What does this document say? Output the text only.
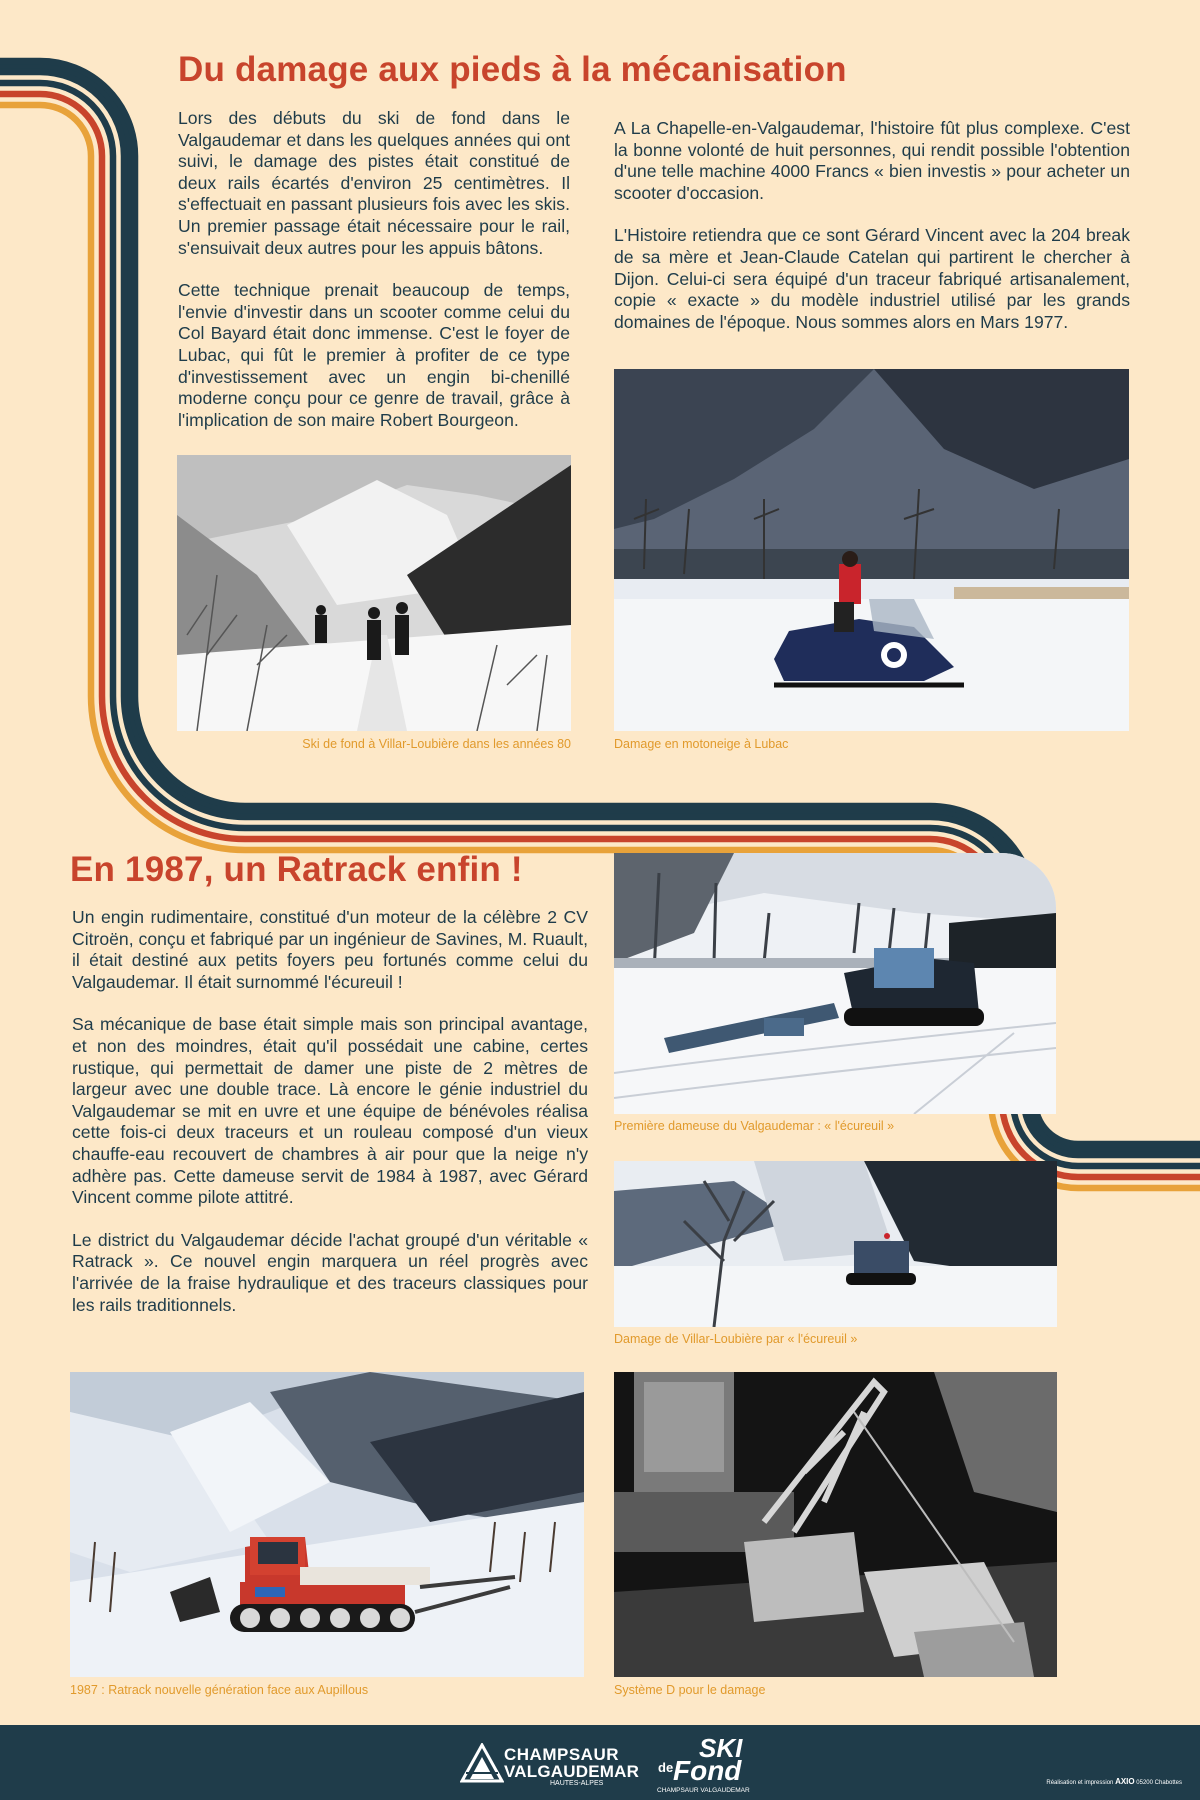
Du damage aux pieds à la mécanisation

Lors des débuts du ski de fond dans le Valgaudemar et dans les quelques années qui ont suivi, le damage des pistes était constitué de deux rails écartés d'environ 25 centimètres. Il s'effectuait en passant plusieurs fois avec les skis. Un premier passage était nécessaire pour le rail, s'ensuivait deux autres pour les appuis bâtons.

Cette technique prenait beaucoup de temps, l'envie d'investir dans un scooter comme celui du Col Bayard était donc immense. C'est le foyer de Lubac, qui fût le premier à profiter de ce type d'investissement avec un engin bi-chenillé moderne conçu pour ce genre de travail, grâce à l'implication de son maire Robert Bourgeon.

A La Chapelle-en-Valgaudemar, l'histoire fût plus complexe. C'est la bonne volonté de huit personnes, qui rendit possible l'obtention d'une telle machine 4000 Francs « bien investis » pour acheter un scooter d'occasion.

L'Histoire retiendra que ce sont Gérard Vincent avec la 204 break de sa mère et Jean-Claude Catelan qui partirent le chercher à Dijon. Celui-ci sera équipé d'un traceur fabriqué artisanalement, copie « exacte » du modèle industriel utilisé par les grands domaines de l'époque. Nous sommes alors en Mars 1977.

Ski de fond à Villar-Loubière dans les années 80	Damage en motoneige à Lubac
En 1987, un Ratrack enfin !

Un engin rudimentaire, constitué d'un moteur de la célèbre 2 CV Citroën, conçu et fabriqué par un ingénieur de Savines, M. Ruault, il était destiné aux petits foyers peu fortunés comme celui du Valgaudemar. Il était surnommé l'écureuil !

Sa mécanique de base était simple mais son principal avantage, et non des moindres, était qu'il possédait une cabine, certes rustique, qui permettait de damer une piste de 2 mètres de largeur avec une double trace. Là encore le génie industriel du Valgaudemar se mit en uvre et une équipe de bénévoles réalisa cette fois-ci deux traceurs et un rouleau composé d'un vieux chauffe-eau recouvert de chambres à air pour que la neige n'y adhère pas. Cette dameuse servit de 1984 à 1987, avec Gérard Vincent comme pilote attitré.

Le district du Valgaudemar décide l'achat groupé d'un véritable « Ratrack ». Ce nouvel engin marquera un réel progrès avec l'arrivée de la fraise hydraulique et des traceurs classiques pour les rails traditionnels.

Première dameuse du Valgaudemar : « l'écureuil »
Damage de Villar-Loubière par « l'écureuil »
1987 : Ratrack nouvelle génération face aux Aupillous	Système D pour le damage
CHAMPSAUR
VALGAUDEMAR
HAUTES-ALPES
SKI
de Fond
CHAMPSAUR VALGAUDEMAR
Réalisation et impression AXIO 05200 Chabottes
